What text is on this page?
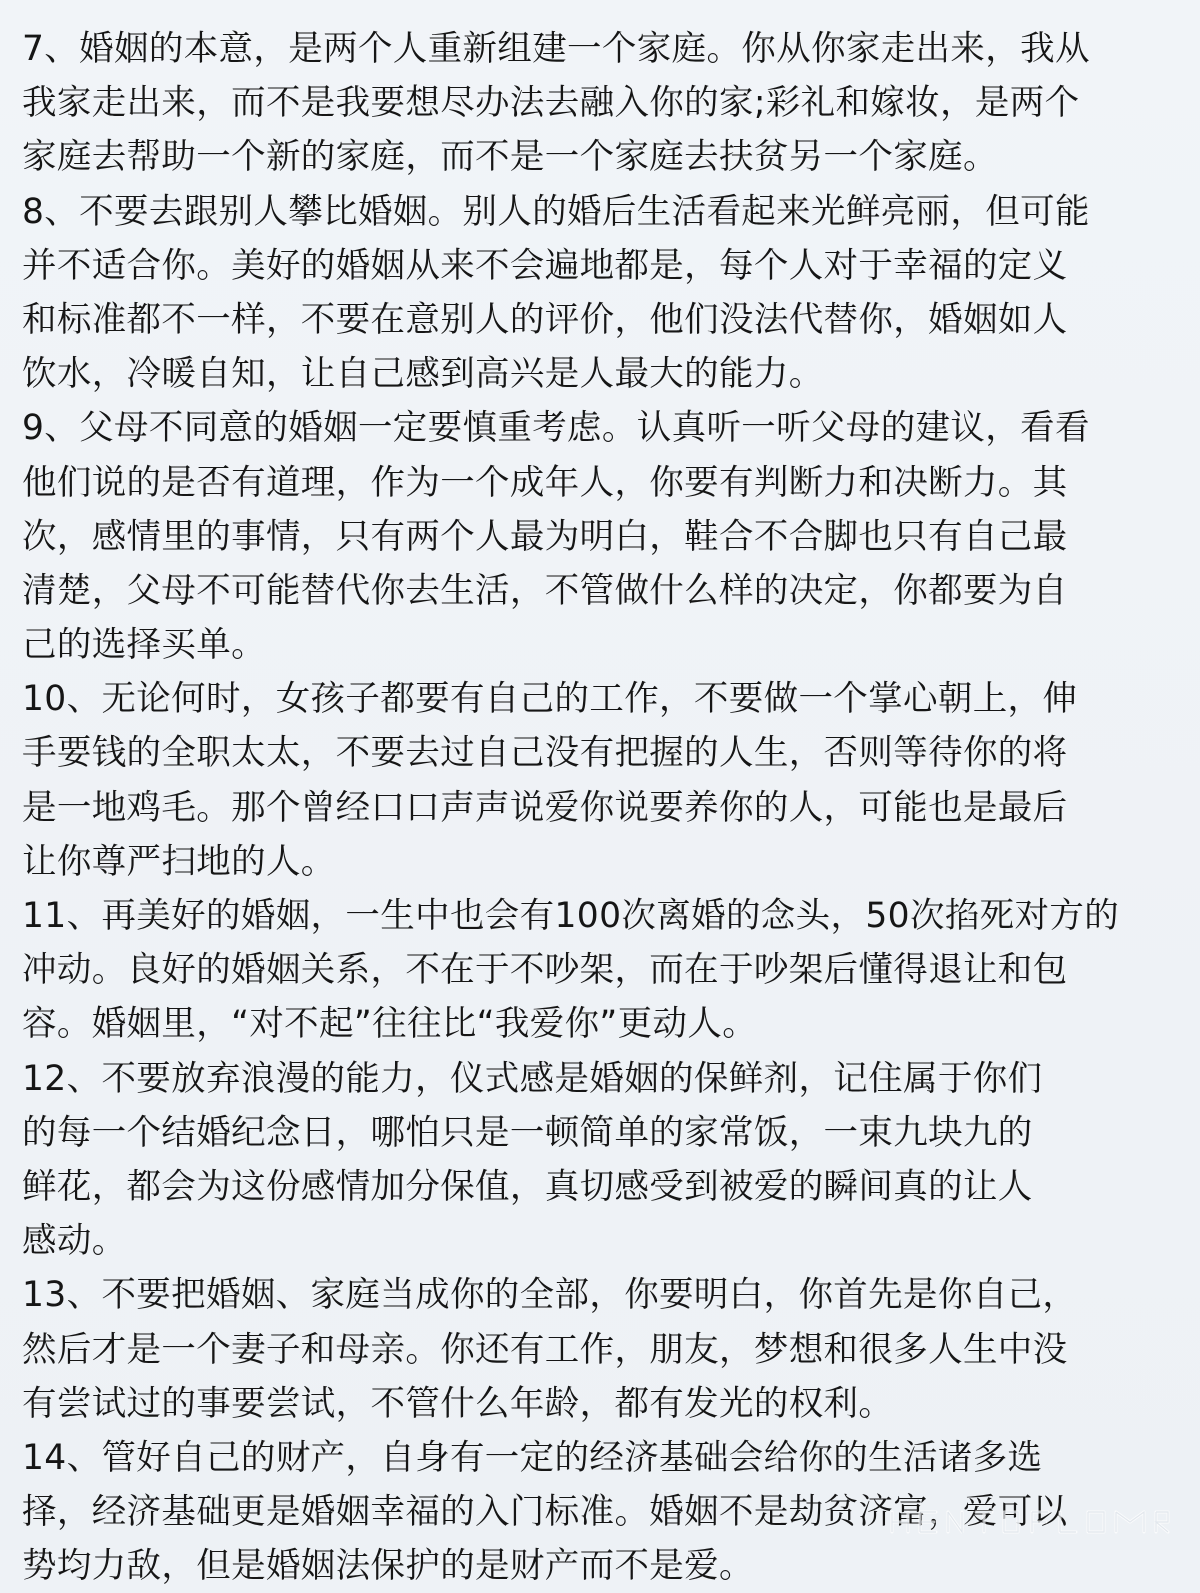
7、婚姻的本意，是两个人重新组建一个家庭。你从你家走出来，我从
我家走出来，而不是我要想尽办法去融入你的家;彩礼和嫁妆，是两个
家庭去帮助一个新的家庭，而不是一个家庭去扶贫另一个家庭。
8、不要去跟别人攀比婚姻。别人的婚后生活看起来光鲜亮丽，但可能
并不适合你。美好的婚姻从来不会遍地都是，每个人对于幸福的定义
和标准都不一样，不要在意别人的评价，他们没法代替你，婚姻如人
饮水，冷暖自知，让自己感到高兴是人最大的能力。
9、父母不同意的婚姻一定要慎重考虑。认真听一听父母的建议，看看
他们说的是否有道理，作为一个成年人，你要有判断力和决断力。其
次，感情里的事情，只有两个人最为明白，鞋合不合脚也只有自己最
清楚，父母不可能替代你去生活，不管做什么样的决定，你都要为自
己的选择买单。
10、无论何时，女孩子都要有自己的工作，不要做一个掌心朝上，伸
手要钱的全职太太，不要去过自己没有把握的人生，否则等待你的将
是一地鸡毛。那个曾经口口声声说爱你说要养你的人，可能也是最后
让你尊严扫地的人。
11、再美好的婚姻，一生中也会有100次离婚的念头，50次掐死对方的
冲动。良好的婚姻关系，不在于不吵架，而在于吵架后懂得退让和包
容。婚姻里，“对不起”往往比“我爱你”更动人。
12、不要放弃浪漫的能力，仪式感是婚姻的保鲜剂，记住属于你们
的每一个结婚纪念日，哪怕只是一顿简单的家常饭，一束九块九的
鲜花，都会为这份感情加分保值，真切感受到被爱的瞬间真的让人
感动。
13、不要把婚姻、家庭当成你的全部，你要明白，你首先是你自己，
然后才是一个妻子和母亲。你还有工作，朋友，梦想和很多人生中没
有尝试过的事要尝试，不管什么年龄，都有发光的权利。
14、管好自己的财产，自身有一定的经济基础会给你的生活诸多选
择，经济基础更是婚姻幸福的入门标准。婚姻不是劫贫济富，爱可以
势均力敌，但是婚姻法保护的是财产而不是爱。
